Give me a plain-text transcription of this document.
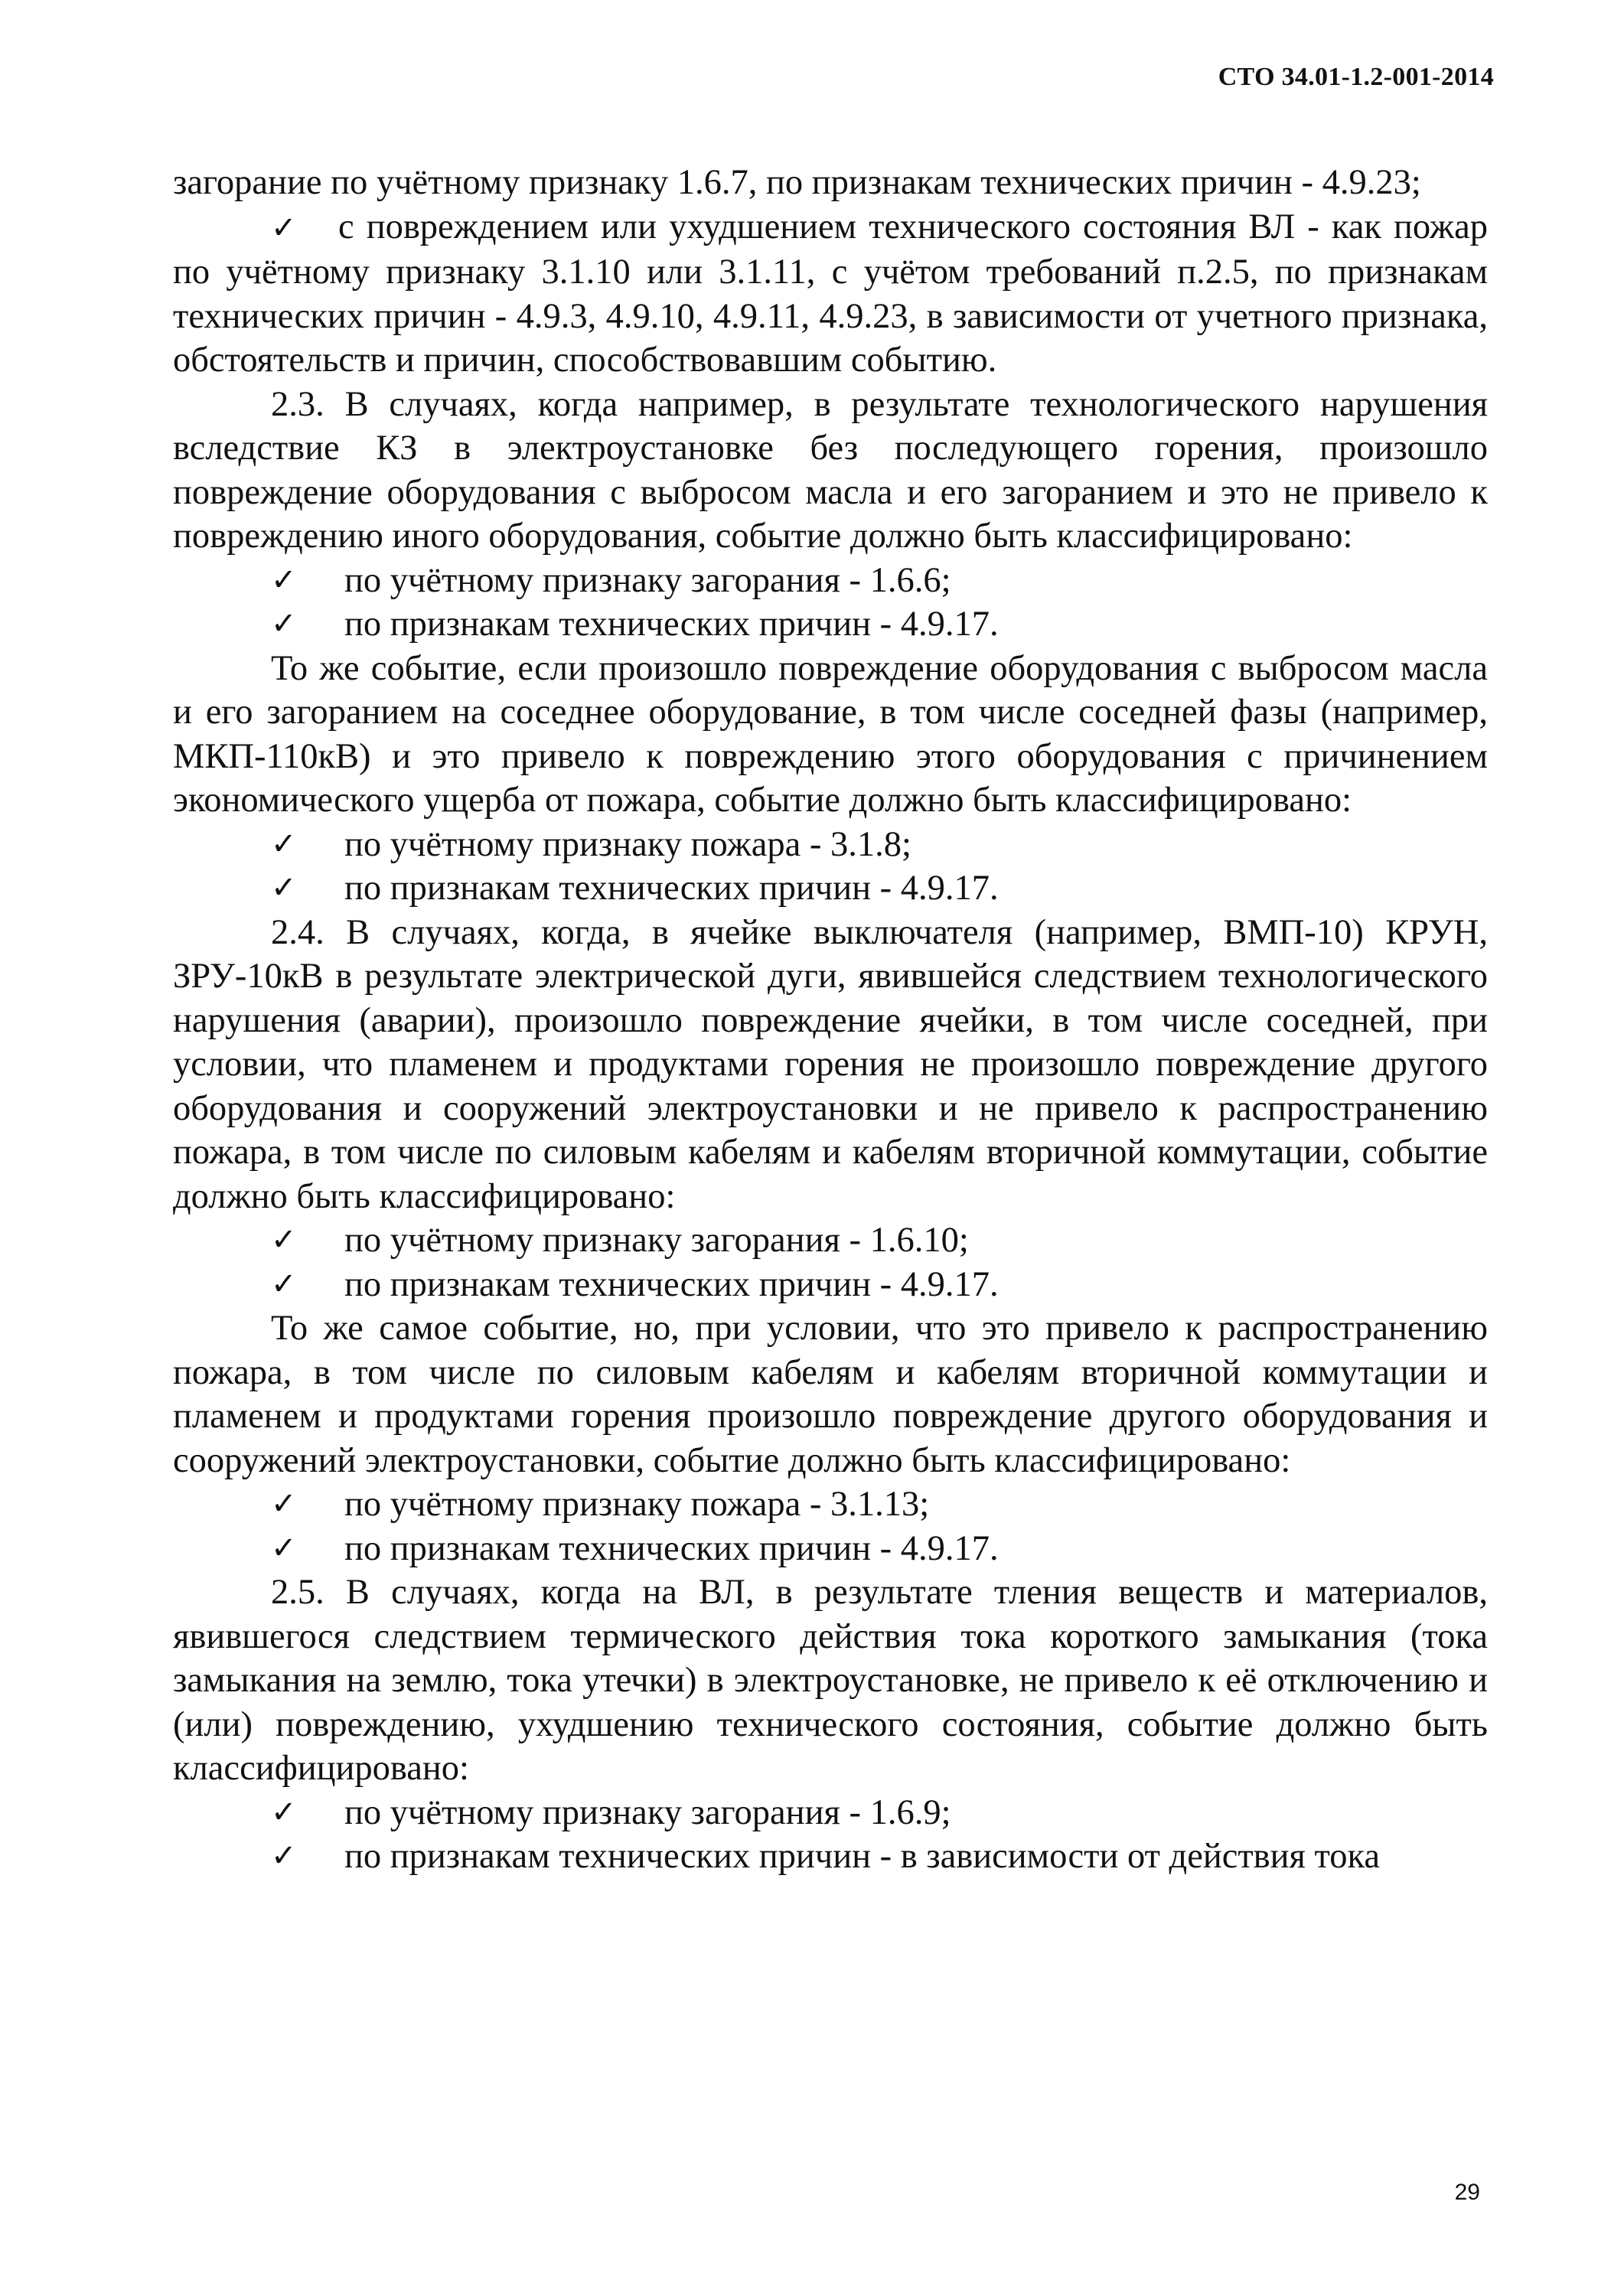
СТО 34.01-1.2-001-2014

загорание по учётному признаку 1.6.7, по признакам технических причин - 4.9.23;

✓ с повреждением или ухудшением технического состояния ВЛ - как пожар по учётному признаку 3.1.10 или 3.1.11, с учётом требований п.2.5, по признакам технических причин - 4.9.3, 4.9.10, 4.9.11, 4.9.23, в зависимости от учетного признака, обстоятельств и причин, способствовавшим событию.

2.3. В случаях, когда например, в результате технологического нарушения вследствие КЗ в электроустановке без последующего горения, произошло повреждение оборудования с выбросом масла и его загоранием и это не привело к повреждению иного оборудования, событие должно быть классифицировано:

✓ по учётному признаку загорания - 1.6.6;

✓ по признакам технических причин - 4.9.17.

То же событие, если произошло повреждение оборудования с выбросом масла и его загоранием на соседнее оборудование, в том числе соседней фазы (например, МКП-110кВ) и это привело к повреждению этого оборудования с причинением экономического ущерба от пожара, событие должно быть классифицировано:

✓ по учётному признаку пожара - 3.1.8;

✓ по признакам технических причин - 4.9.17.

2.4. В случаях, когда, в ячейке выключателя (например, ВМП-10) КРУН, ЗРУ-10кВ в результате электрической дуги, явившейся следствием технологического нарушения (аварии), произошло повреждение ячейки, в том числе соседней, при условии, что пламенем и продуктами горения не произошло повреждение другого оборудования и сооружений электроустановки и не привело к распространению пожара, в том числе по силовым кабелям и кабелям вторичной коммутации, событие должно быть классифицировано:

✓ по учётному признаку загорания - 1.6.10;

✓ по признакам технических причин - 4.9.17.

То же самое событие, но, при условии, что это привело к распространению пожара, в том числе по силовым кабелям и кабелям вторичной коммутации и пламенем и продуктами горения произошло повреждение другого оборудования и сооружений электроустановки, событие должно быть классифицировано:

✓ по учётному признаку пожара - 3.1.13;

✓ по признакам технических причин - 4.9.17.

2.5. В случаях, когда на ВЛ, в результате тления веществ и материалов, явившегося следствием термического действия тока короткого замыкания (тока замыкания на землю, тока утечки) в электроустановке, не привело к её отключению и (или) повреждению, ухудшению технического состояния, событие должно быть классифицировано:

✓ по учётному признаку загорания - 1.6.9;

✓ по признакам технических причин - в зависимости от действия тока

29
